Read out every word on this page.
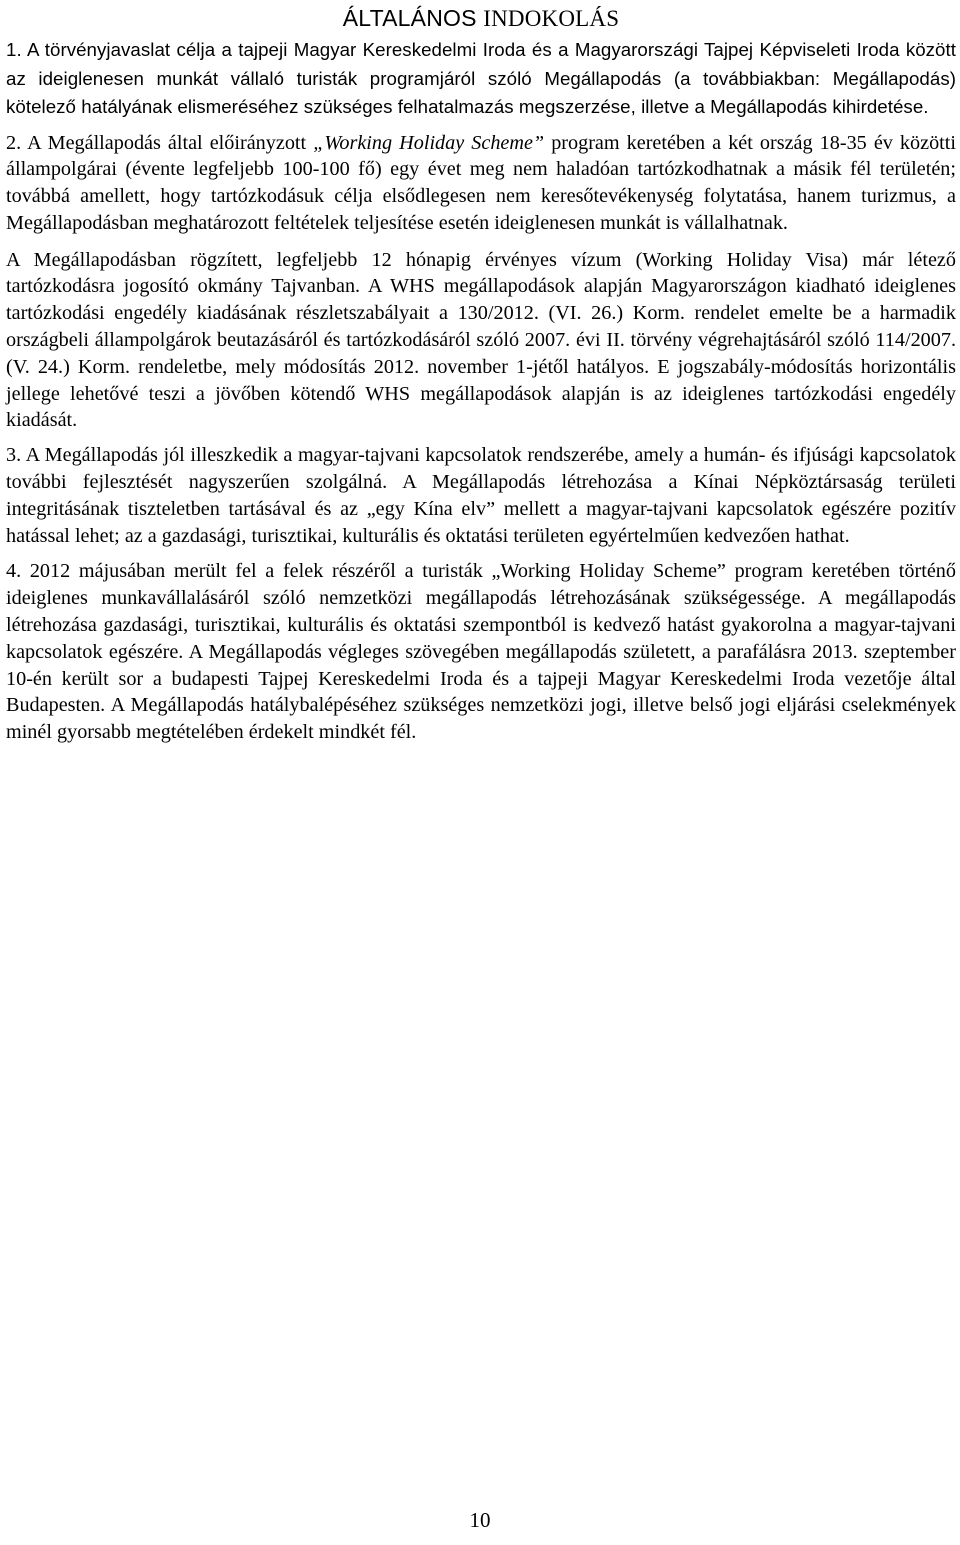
ÁLTALÁNOS INDOKOLÁS

1. A törvényjavaslat célja a tajpeji Magyar Kereskedelmi Iroda és a Magyarországi Tajpej Képviseleti Iroda között az ideiglenesen munkát vállaló turisták programjáról szóló Megállapodás (a továbbiakban: Megállapodás) kötelező hatályának elismeréséhez szükséges felhatalmazás megszerzése, illetve a Megállapodás kihirdetése.

2. A Megállapodás által előirányzott „Working Holiday Scheme” program keretében a két ország 18-35 év közötti állampolgárai (évente legfeljebb 100-100 fő) egy évet meg nem haladóan tartózkodhatnak a másik fél területén; továbbá amellett, hogy tartózkodásuk célja elsődlegesen nem keresőtevékenység folytatása, hanem turizmus, a Megállapodásban meghatározott feltételek teljesítése esetén ideiglenesen munkát is vállalhatnak.

A Megállapodásban rögzített, legfeljebb 12 hónapig érvényes vízum (Working Holiday Visa) már létező tartózkodásra jogosító okmány Tajvanban. A WHS megállapodások alapján Magyarországon kiadható ideiglenes tartózkodási engedély kiadásának részletszabályait a 130/2012. (VI. 26.) Korm. rendelet emelte be a harmadik országbeli állampolgárok beutazásáról és tartózkodásáról szóló 2007. évi II. törvény végrehajtásáról szóló 114/2007. (V. 24.) Korm. rendeletbe, mely módosítás 2012. november 1-jétől hatályos. E jogszabály-módosítás horizontális jellege lehetővé teszi a jövőben kötendő WHS megállapodások alapján is az ideiglenes tartózkodási engedély kiadását.

3. A Megállapodás jól illeszkedik a magyar-tajvani kapcsolatok rendszerébe, amely a humán- és ifjúsági kapcsolatok további fejlesztését nagyszerűen szolgálná. A Megállapodás létrehozása a Kínai Népköztársaság területi integritásának tiszteletben tartásával és az „egy Kína elv” mellett a magyar-tajvani kapcsolatok egészére pozitív hatással lehet; az a gazdasági, turisztikai, kulturális és oktatási területen egyértelműen kedvezően hathat.

4. 2012 májusában merült fel a felek részéről a turisták „Working Holiday Scheme” program keretében történő ideiglenes munkavállalásáról szóló nemzetközi megállapodás létrehozásának szükségessége. A megállapodás létrehozása gazdasági, turisztikai, kulturális és oktatási szempontból is kedvező hatást gyakorolna a magyar-tajvani kapcsolatok egészére. A Megállapodás végleges szövegében megállapodás született, a parafálásra 2013. szeptember 10-én került sor a budapesti Tajpej Kereskedelmi Iroda és a tajpeji Magyar Kereskedelmi Iroda vezetője által Budapesten. A Megállapodás hatálybalépéséhez szükséges nemzetközi jogi, illetve belső jogi eljárási cselekmények minél gyorsabb megtételében érdekelt mindkét fél.

10
